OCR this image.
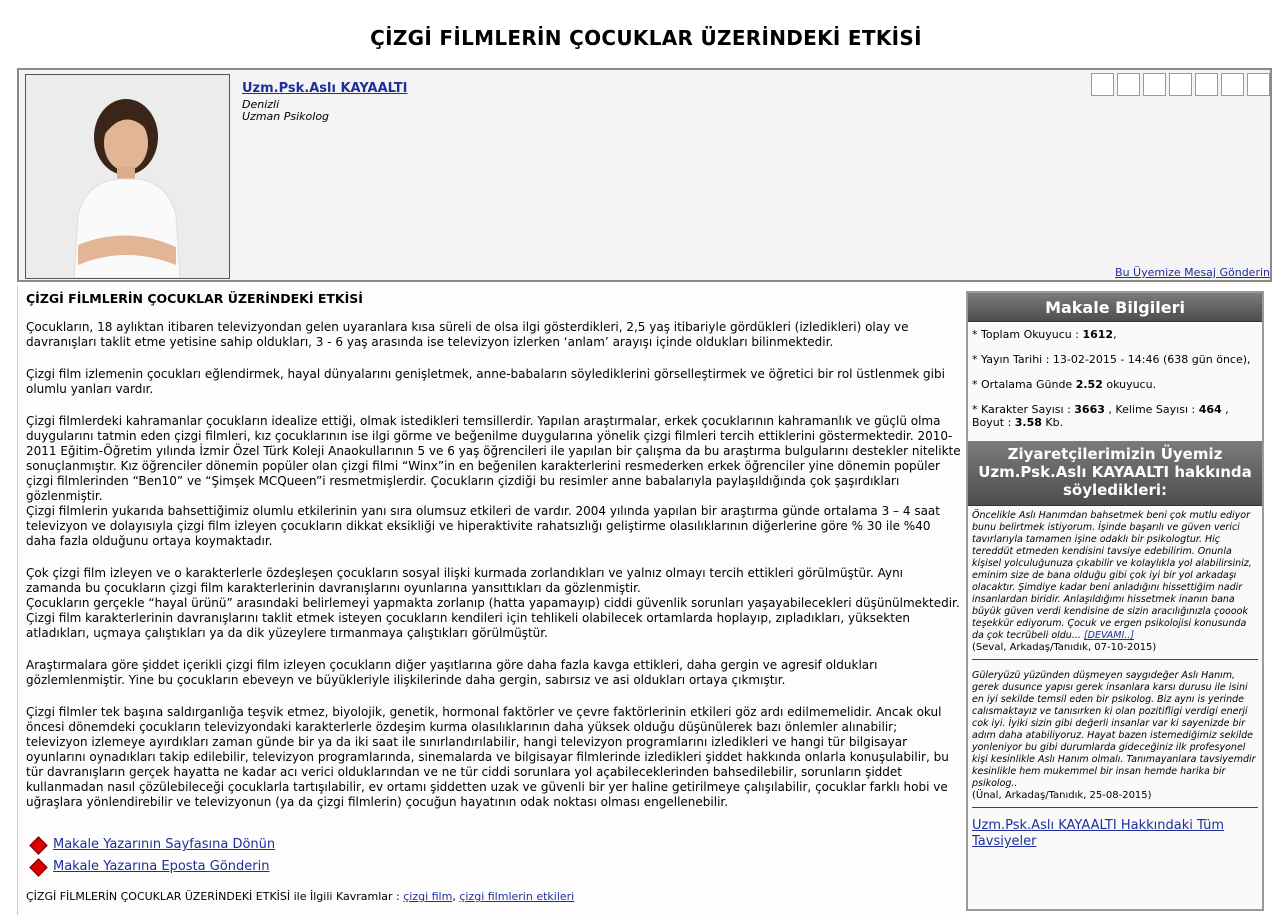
ÇİZGİ FİLMLERİN ÇOCUKLAR ÜZERİNDEKİ ETKİSİ
Uzm.Psk.Aslı KAYAALTI
Denizli
Uzman Psikolog
Bu Üyemize Mesaj Gönderin
ÇİZGİ FİLMLERİN ÇOCUKLAR ÜZERİNDEKİ ETKİSİ

Çocukların, 18 aylıktan itibaren televizyondan gelen uyaranlara kısa süreli de olsa ilgi gösterdikleri, 2,5 yaş itibariyle gördükleri (izledikleri) olay ve davranışları taklit etme yetisine sahip oldukları, 3 - 6 yaş arasında ise televizyon izlerken ‘anlam’ arayışı içinde oldukları bilinmektedir.

Çizgi film izlemenin çocukları eğlendirmek, hayal dünyalarını genişletmek, anne-babaların söylediklerini görselleştirmek ve öğretici bir rol üstlenmek gibi olumlu yanları vardır.

Çizgi filmlerdeki kahramanlar çocukların idealize ettiği, olmak istedikleri temsillerdir. Yapılan araştırmalar, erkek çocuklarının kahramanlık ve güçlü olma duygularını tatmin eden çizgi filmleri, kız çocuklarının ise ilgi görme ve beğenilme duygularına yönelik çizgi filmleri tercih ettiklerini göstermektedir. 2010-2011 Eğitim-Öğretim yılında İzmir Özel Türk Koleji Anaokullarının 5 ve 6 yaş öğrencileri ile yapılan bir çalışma da bu araştırma bulgularını destekler nitelikte sonuçlanmıştır. Kız öğrenciler dönemin popüler olan çizgi filmi “Winx”in en beğenilen karakterlerini resmederken erkek öğrenciler yine dönemin popüler çizgi filmlerinden “Ben10” ve “Şimşek MCQueen”i resmetmişlerdir. Çocukların çizdiği bu resimler anne babalarıyla paylaşıldığında çok şaşırdıkları gözlenmiştir.

Çizgi filmlerin yukarıda bahsettiğimiz olumlu etkilerinin yanı sıra olumsuz etkileri de vardır. 2004 yılında yapılan bir araştırma günde ortalama 3 – 4 saat televizyon ve dolayısıyla çizgi film izleyen çocukların dikkat eksikliği ve hiperaktivite rahatsızlığı geliştirme olasılıklarının diğerlerine göre % 30 ile %40 daha fazla olduğunu ortaya koymaktadır.

Çok çizgi film izleyen ve o karakterlerle özdeşleşen çocukların sosyal ilişki kurmada zorlandıkları ve yalnız olmayı tercih ettikleri görülmüştür. Aynı zamanda bu çocukların çizgi film karakterlerinin davranışlarını oyunlarına yansıttıkları da gözlenmiştir.

Çocukların gerçekle “hayal ürünü” arasındaki belirlemeyi yapmakta zorlanıp (hatta yapamayıp) ciddi güvenlik sorunları yaşayabilecekleri düşünülmektedir. Çizgi film karakterlerinin davranışlarını taklit etmek isteyen çocukların kendileri için tehlikeli olabilecek ortamlarda hoplayıp, zıpladıkları, yüksekten atladıkları, uçmaya çalıştıkları ya da dik yüzeylere tırmanmaya çalıştıkları görülmüştür.

Araştırmalara göre şiddet içerikli çizgi film izleyen çocukların diğer yaşıtlarına göre daha fazla kavga ettikleri, daha gergin ve agresif oldukları gözlemlenmiştir. Yine bu çocukların ebeveyn ve büyükleriyle ilişkilerinde daha gergin, sabırsız ve asi oldukları ortaya çıkmıştır.

Çizgi filmler tek başına saldırganlığa teşvik etmez, biyolojik, genetik, hormonal faktörler ve çevre faktörlerinin etkileri göz ardı edilmemelidir. Ancak okul öncesi dönemdeki çocukların televizyondaki karakterlerle özdeşim kurma olasılıklarının daha yüksek olduğu düşünülerek bazı önlemler alınabilir; televizyon izlemeye ayırdıkları zaman günde bir ya da iki saat ile sınırlandırılabilir, hangi televizyon programlarını izledikleri ve hangi tür bilgisayar oyunlarını oynadıkları takip edilebilir, televizyon programlarında, sinemalarda ve bilgisayar filmlerinde izledikleri şiddet hakkında onlarla konuşulabilir, bu tür davranışların gerçek hayatta ne kadar acı verici olduklarından ve ne tür ciddi sorunlara yol açabileceklerinden bahsedilebilir, sorunların şiddet kullanmadan nasıl çözülebileceği çocuklarla tartışılabilir, ev ortamı şiddetten uzak ve güvenli bir yer haline getirilmeye çalışılabilir, çocuklar farklı hobi ve uğraşlara yönlendirebilir ve televizyonun (ya da çizgi filmlerin) çocuğun hayatının odak noktası olması engellenebilir.

Makale Yazarının Sayfasına Dönün
Makale Yazarına Eposta Gönderin
ÇİZGİ FİLMLERİN ÇOCUKLAR ÜZERİNDEKİ ETKİSİ ile İlgili Kavramlar : çizgi film, çizgi filmlerin etkileri
Makale Bilgileri
* Toplam Okuyucu : 1612,
* Yayın Tarihi : 13-02-2015 - 14:46 (638 gün önce),
* Ortalama Günde 2.52 okuyucu.
* Karakter Sayısı : 3663 , Kelime Sayısı : 464 , Boyut : 3.58 Kb.
Ziyaretçilerimizin Üyemiz Uzm.Psk.Aslı KAYAALTI hakkında söyledikleri:
Öncelikle Aslı Hanımdan bahsetmek beni çok mutlu ediyor bunu belirtmek istiyorum. İşinde başarılı ve güven verici tavırlarıyla tamamen işine odaklı bir psikologtur. Hiç tereddüt etmeden kendisini tavsiye edebilirim. Onunla kişisel yolculuğunuza çıkabilir ve kolaylıkla yol alabilirsiniz, eminim size de bana olduğu gibi çok iyi bir yol arkadaşı olacaktır. Şimdiye kadar beni anladığını hissettiğim nadir insanlardan biridir. Anlaşıldığımı hissetmek inanın bana büyük güven verdi kendisine de sizin aracılığınızla çooook teşekkür ediyorum. Çocuk ve ergen psikolojisi konusunda da çok tecrübeli oldu... [DEVAMI..]
(Seval, Arkadaş/Tanıdık, 07-10-2015)
Güleryüzü yüzünden düşmeyen saygıdeğer Aslı Hanım, gerek dusunce yapısı gerek insanlara karsı durusu ile isini en iyi sekilde temsil eden bir psikolog. Biz aynı is yerinde calısmaktayız ve tanısırken ki olan pozitifligi verdigi enerji cok iyi. İyiki sizin gibi değerli insanlar var ki sayenizde bir adım daha atabiliyoruz. Hayat bazen istemediğimiz sekilde yonleniyor bu gibi durumlarda gideceğiniz ilk profesyonel kişi kesinlikle Aslı Hanım olmalı. Tanımayanlara tavsiyemdir kesinlikle hem mukemmel bir insan hemde harika bir psikolog..
(Ünal, Arkadaş/Tanıdık, 25-08-2015)
Uzm.Psk.Aslı KAYAALTI Hakkındaki Tüm Tavsiyeler
